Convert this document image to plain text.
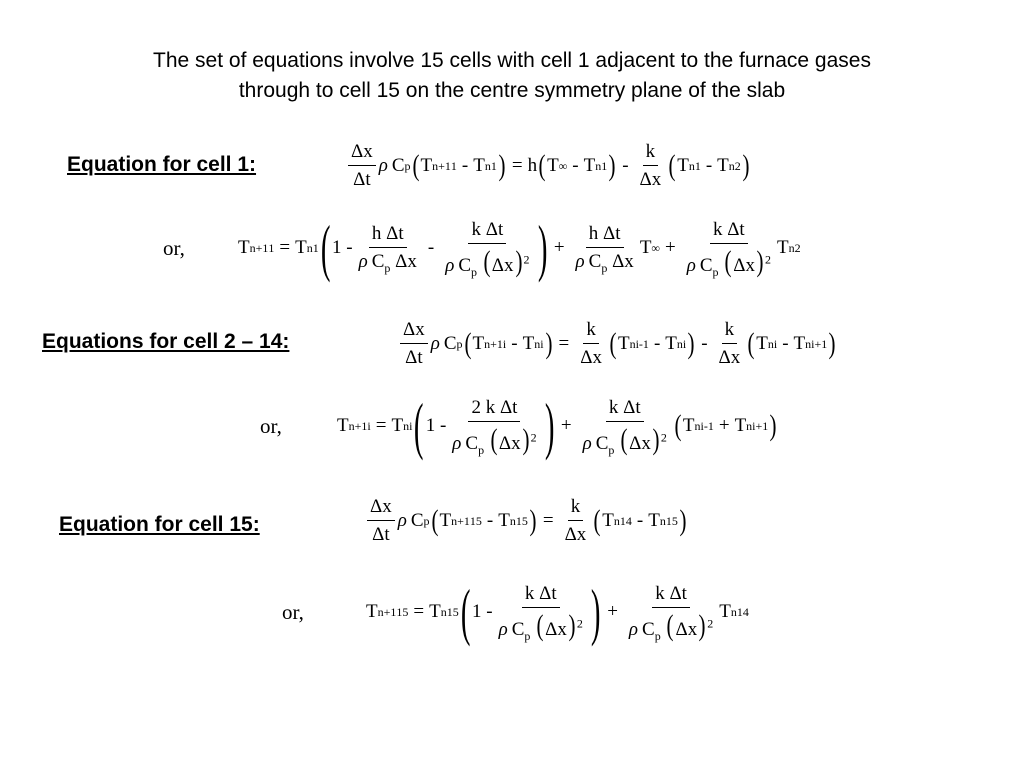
The set of equations involve 15 cells with cell 1 adjacent to the furnace gases
through to cell 15 on the centre symmetry plane of the slab
Equation for cell 1:	$\frac{\Delta x}{\Delta t}$ ρ C p ( T n+1 1 - T n 1 ) = h ( T ∞ - T n 1 ) - $\frac{k}{\Delta x}$ ( T n 1 - T n 2 )
or,	T n+1 1 = T n 1 ( $1 - \frac{\text{h Δt}}{\rho C_p \Delta x} - \frac{\text{k Δt}}{\rho C_p (\Delta x) ^2}$ ) + $\frac{\text{h Δt}}{\rho C_p \Delta x}$ T ∞ + $\frac{\text{k Δt}}{\rho C_p (\Delta x) ^2}$ T n 2
Equations for cell 2 – 14:	$\frac{\Delta x}{\Delta t}$ ρ C p ( T n+1 i - T n i ) = $\frac{k}{\Delta x}$ ( T n i-1 - T n i ) - $\frac{k}{\Delta x}$ ( T n i - T n i+1 )
or,	T n+1 i = T n i ( $1 - \frac{\text{2 k Δt}}{\rho C_p (\Delta x) ^2}$ ) + $\frac{\text{k Δt}}{\rho C_p (\Delta x) ^2}$ ( T n i-1 + T n i+1 )
Equation for cell 15:	$\frac{\Delta x}{\Delta t}$ ρ C p ( T n+1 15 - T n 15 ) = $\frac{k}{\Delta x}$ ( T n 14 - T n 15 )
or,	T n+1 15 = T n 15 ( $1 - \frac{\text{k Δt}}{\rho C_p (\Delta x) ^2}$ ) + $\frac{\text{k Δt}}{\rho C_p (\Delta x) ^2}$ T n 14
